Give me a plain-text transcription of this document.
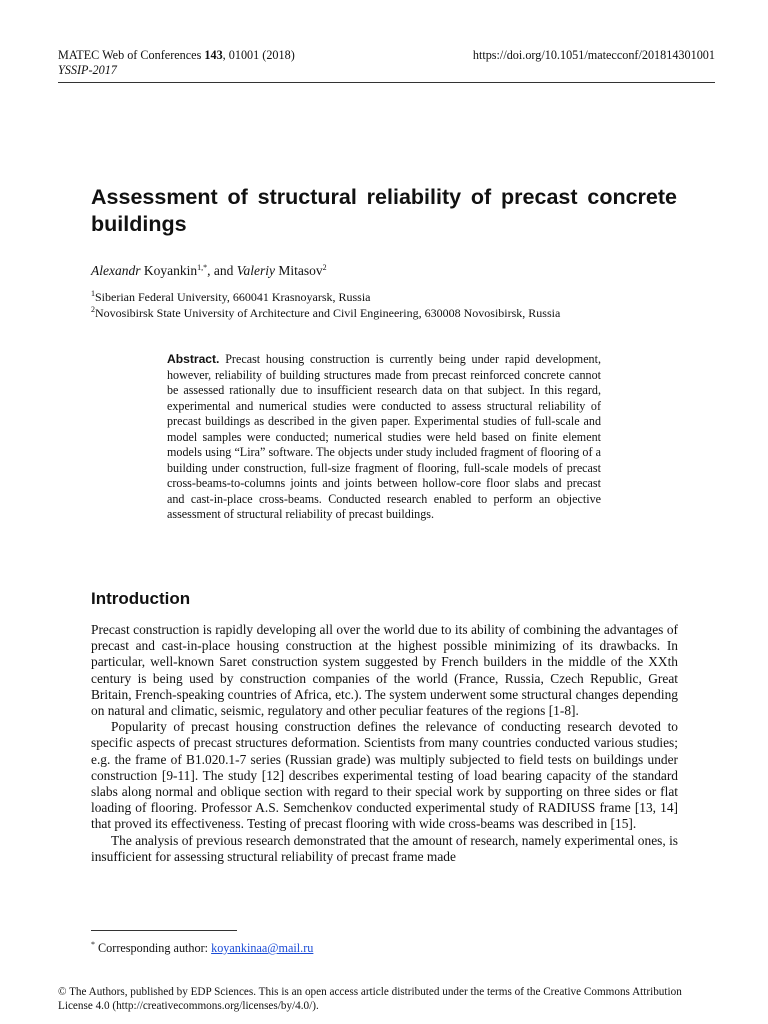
MATEC Web of Conferences 143, 01001 (2018)
YSSIP-2017
https://doi.org/10.1051/matecconf/201814301001
Assessment of structural reliability of precast concrete buildings
Alexandr Koyankin$^{1,*}$, and Valeriy Mitasov$^2$
$^1$Siberian Federal University, 660041 Krasnoyarsk, Russia
$^2$Novosibirsk State University of Architecture and Civil Engineering, 630008 Novosibirsk, Russia
Abstract. Precast housing construction is currently being under rapid development, however, reliability of building structures made from precast reinforced concrete cannot be assessed rationally due to insufficient research data on that subject. In this regard, experimental and numerical studies were conducted to assess structural reliability of precast buildings as described in the given paper. Experimental studies of full-scale and model samples were conducted; numerical studies were held based on finite element models using “Lira” software. The objects under study included fragment of flooring of a building under construction, full-size fragment of flooring, full-scale models of precast cross-beams-to-columns joints and joints between hollow-core floor slabs and precast and cast-in-place cross-beams. Conducted research enabled to perform an objective assessment of structural reliability of precast buildings.
Introduction

Precast construction is rapidly developing all over the world due to its ability of combining the advantages of precast and cast-in-place housing construction at the highest possible minimizing of its drawbacks. In particular, well-known Saret construction system suggested by French builders in the middle of the XXth century is being used by construction companies of the world (France, Russia, Czech Republic, Great Britain, French-speaking countries of Africa, etc.). The system underwent some structural changes depending on natural and climatic, seismic, regulatory and other peculiar features of the regions [1-8].

Popularity of precast housing construction defines the relevance of conducting research devoted to specific aspects of precast structures deformation. Scientists from many countries conducted various studies; e.g. the frame of B1.020.1-7 series (Russian grade) was multiply subjected to field tests on buildings under construction [9-11]. The study [12] describes experimental testing of load bearing capacity of the standard slabs along normal and oblique section with regard to their special work by supporting on three sides or flat loading of flooring. Professor A.S. Semchenkov conducted experimental study of RADIUSS frame [13, 14] that proved its effectiveness. Testing of precast flooring with wide cross-beams was described in [15].

The analysis of previous research demonstrated that the amount of research, namely experimental ones, is insufficient for assessing structural reliability of precast frame made

* Corresponding author: koyankinaa@mail.ru
© The Authors, published by EDP Sciences. This is an open access article distributed under the terms of the Creative Commons Attribution License 4.0 (http://creativecommons.org/licenses/by/4.0/).
